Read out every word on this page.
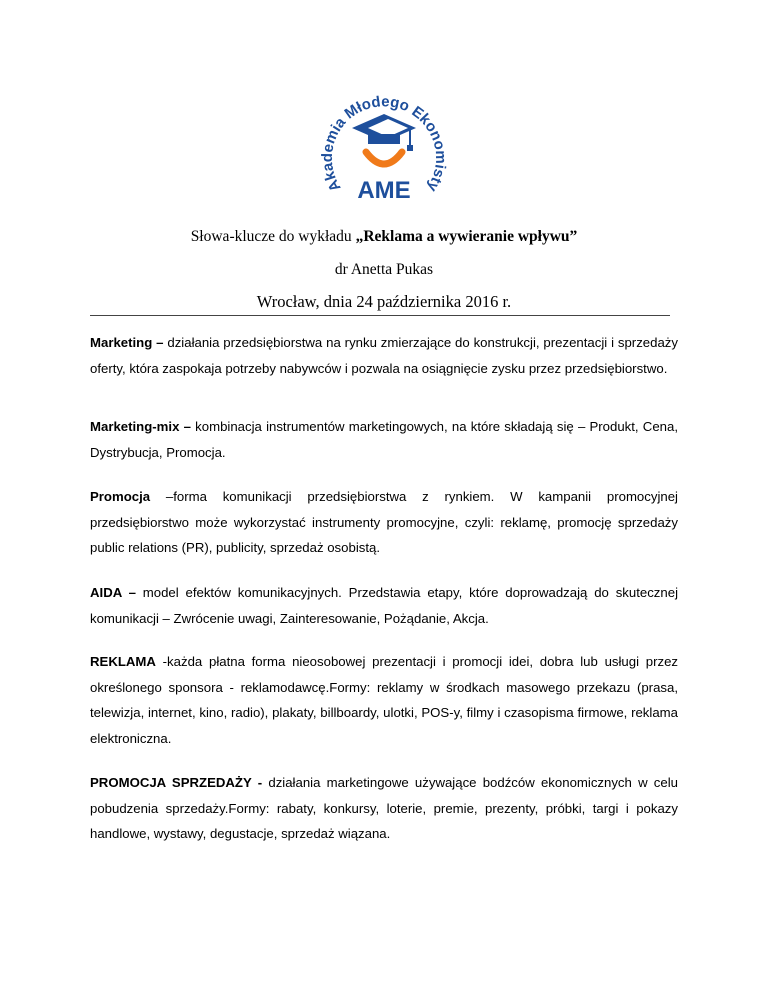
Akademia Młodego Ekonomisty
AME
Słowa-klucze do wykładu „Reklama a wywieranie wpływu”
dr Anetta Pukas
Wrocław, dnia 24 października 2016 r.

Marketing – działania przedsiębiorstwa na rynku zmierzające do konstrukcji, prezentacji i sprzedaży oferty, która zaspokaja potrzeby nabywców i pozwala na osiągnięcie zysku przez przedsiębiorstwo.

Marketing-mix – kombinacja instrumentów marketingowych, na które składają się – Produkt, Cena, Dystrybucja, Promocja.

Promocja –forma komunikacji przedsiębiorstwa z rynkiem. W kampanii promocyjnej przedsiębiorstwo może wykorzystać instrumenty promocyjne, czyli: reklamę, promocję sprzedaży public relations (PR), publicity, sprzedaż osobistą.

AIDA – model efektów komunikacyjnych. Przedstawia etapy, które doprowadzają do skutecznej komunikacji – Zwrócenie uwagi, Zainteresowanie, Pożądanie, Akcja.

REKLAMA -każda płatna forma nieosobowej prezentacji i promocji idei, dobra lub usługi przez określonego sponsora - reklamodawcę.Formy: reklamy w środkach masowego przekazu (prasa, telewizja, internet, kino, radio), plakaty, billboardy, ulotki, POS-y, filmy i czasopisma firmowe, reklama elektroniczna.

PROMOCJA SPRZEDAŻY - działania marketingowe używające bodźców ekonomicznych w celu pobudzenia sprzedaży.Formy: rabaty, konkursy, loterie, premie, prezenty, próbki, targi i pokazy handlowe, wystawy, degustacje, sprzedaż wiązana.
